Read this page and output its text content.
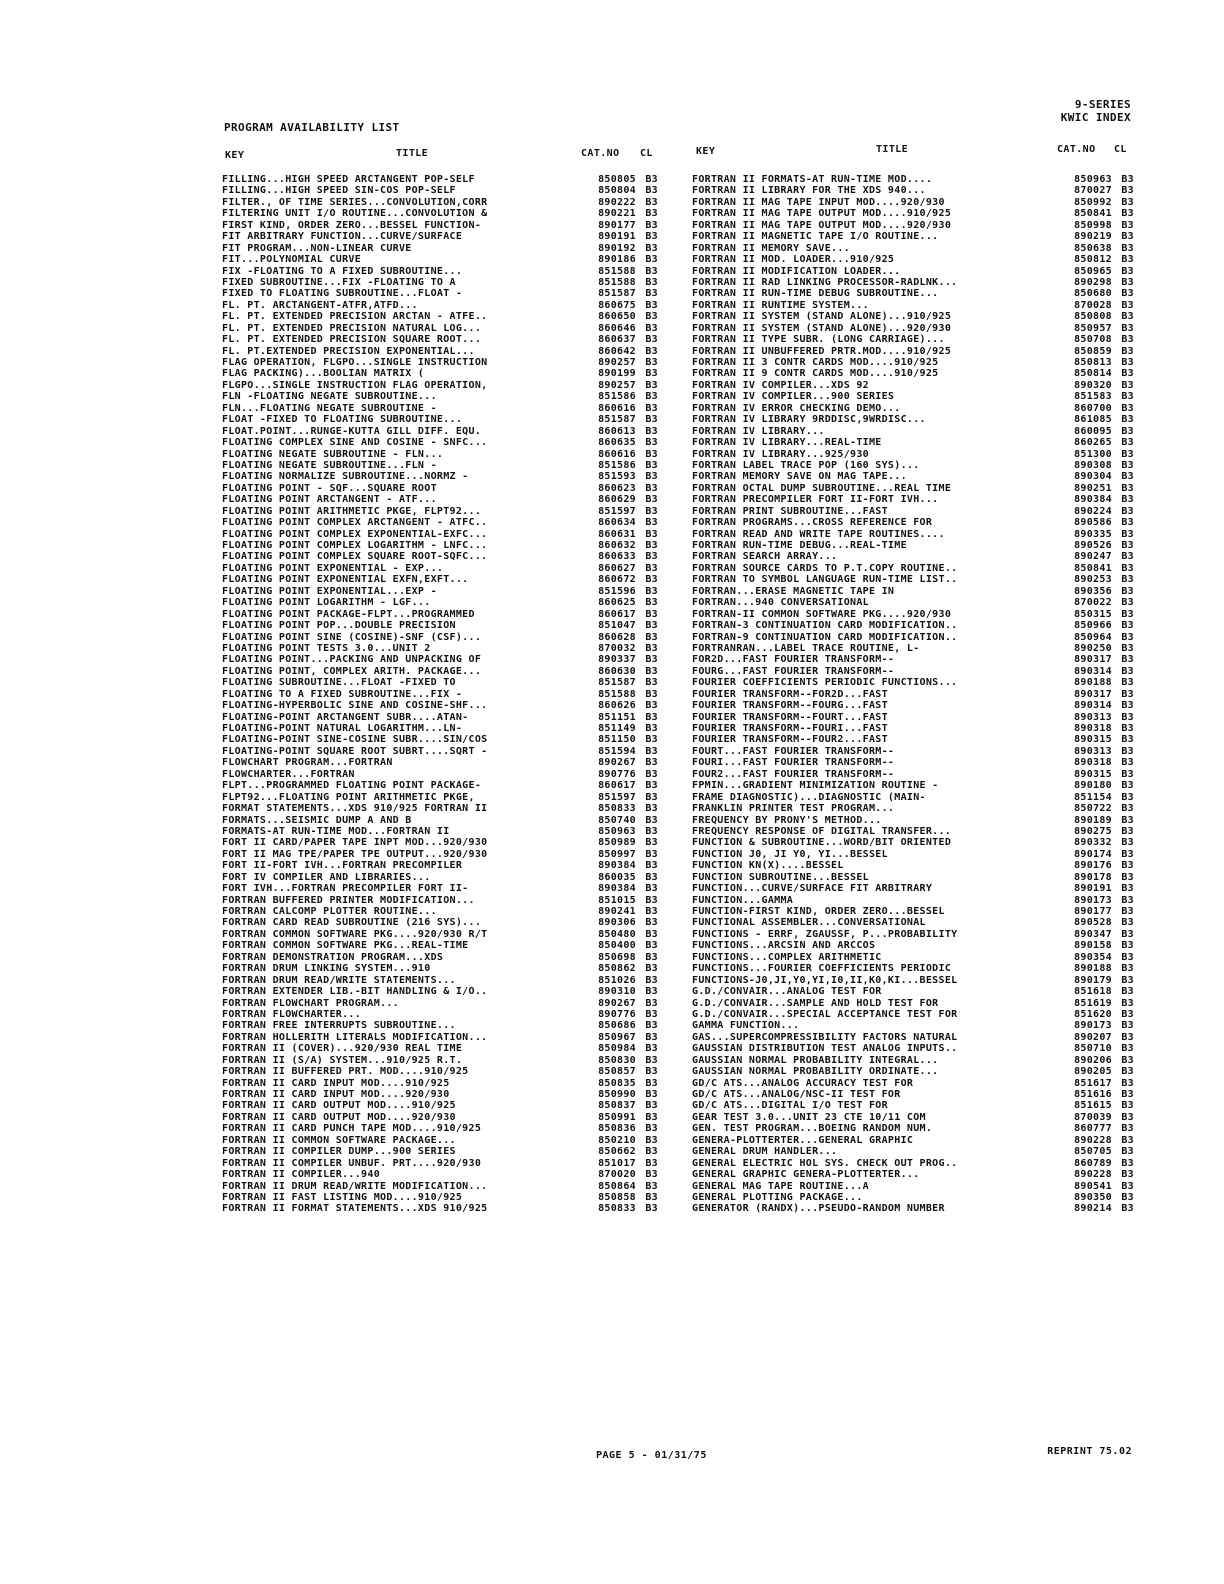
9-SERIES
KWIC INDEX
PROGRAM AVAILABILITY LIST
KEY	TITLE	CAT.NO CL	KEY	TITLE	CAT.NO CL
FILLING...HIGH SPEED ARCTANGENT POP-SELF	850805 B3
FILLING...HIGH SPEED SIN-COS POP-SELF	850804 B3
FILTER., OF TIME SERIES...CONVOLUTION,CORR	890222 B3
FILTERING UNIT I/O ROUTINE...CONVOLUTION &	890221 B3
FIRST KIND, ORDER ZERO...BESSEL FUNCTION-	890177 B3
FIT ARBITRARY FUNCTION...CURVE/SURFACE	890191 B3
FIT PROGRAM...NON-LINEAR CURVE	890192 B3
FIT...POLYNOMIAL CURVE	890186 B3
FIX -FLOATING TO A FIXED SUBROUTINE...	851588 B3
FIXED SUBROUTINE...FIX -FLOATING TO A	851588 B3
FIXED TO FLOATING SUBROUTINE...FLOAT -	851587 B3
FL. PT. ARCTANGENT-ATFR,ATFD...	860675 B3
FL. PT. EXTENDED PRECISION ARCTAN - ATFE..	860650 B3
FL. PT. EXTENDED PRECISION NATURAL LOG...	860646 B3
FL. PT. EXTENDED PRECISION SQUARE ROOT...	860637 B3
FL. PT.EXTENDED PRECISION EXPONENTIAL...	860642 B3
FLAG OPERATION, FLGPO...SINGLE INSTRUCTION	890257 B3
FLAG PACKING)...BOOLIAN MATRIX (	890199 B3
FLGPO...SINGLE INSTRUCTION FLAG OPERATION,	890257 B3
FLN -FLOATING NEGATE SUBROUTINE...	851586 B3
FLN...FLOATING NEGATE SUBROUTINE -	860616 B3
FLOAT -FIXED TO FLOATING SUBROUTINE...	851587 B3
FLOAT.POINT...RUNGE-KUTTA GILL DIFF. EQU.	860613 B3
FLOATING COMPLEX SINE AND COSINE - SNFC...	860635 B3
FLOATING NEGATE SUBROUTINE - FLN...	860616 B3
FLOATING NEGATE SUBROUTINE...FLN -	851586 B3
FLOATING NORMALIZE SUBROUTINE...NORMZ -	851593 B3
FLOATING POINT - SQF...SQUARE ROOT	860623 B3
FLOATING POINT ARCTANGENT - ATF...	860629 B3
FLOATING POINT ARITHMETIC PKGE, FLPT92...	851597 B3
FLOATING POINT COMPLEX ARCTANGENT - ATFC..	860634 B3
FLOATING POINT COMPLEX EXPONENTIAL-EXFC...	860631 B3
FLOATING POINT COMPLEX LOGARITHM - LNFC...	860632 B3
FLOATING POINT COMPLEX SQUARE ROOT-SQFC...	860633 B3
FLOATING POINT EXPONENTIAL - EXP...	860627 B3
FLOATING POINT EXPONENTIAL EXFN,EXFT...	860672 B3
FLOATING POINT EXPONENTIAL...EXP -	851596 B3
FLOATING POINT LOGARITHM - LGF...	860625 B3
FLOATING POINT PACKAGE-FLPT...PROGRAMMED	860617 B3
FLOATING POINT POP...DOUBLE PRECISION	851047 B3
FLOATING POINT SINE (COSINE)-SNF (CSF)...	860628 B3
FLOATING POINT TESTS 3.0...UNIT 2	870032 B3
FLOATING POINT...PACKING AND UNPACKING OF	890337 B3
FLOATING POINT, COMPLEX ARITH. PACKAGE...	860630 B3
FLOATING SUBROUTINE...FLOAT -FIXED TO	851587 B3
FLOATING TO A FIXED SUBROUTINE...FIX -	851588 B3
FLOATING-HYPERBOLIC SINE AND COSINE-SHF...	860626 B3
FLOATING-POINT ARCTANGENT SUBR....ATAN-	851151 B3
FLOATING-POINT NATURAL LOGARITHM...LN-	851149 B3
FLOATING-POINT SINE-COSINE SUBR....SIN/COS	851150 B3
FLOATING-POINT SQUARE ROOT SUBRT....SQRT -	851594 B3
FLOWCHART PROGRAM...FORTRAN	890267 B3
FLOWCHARTER...FORTRAN	890776 B3
FLPT...PROGRAMMED FLOATING POINT PACKAGE-	860617 B3
FLPT92...FLOATING POINT ARITHMETIC PKGE,	851597 B3
FORMAT STATEMENTS...XDS 910/925 FORTRAN II	850833 B3
FORMATS...SEISMIC DUMP A AND B	850740 B3
FORMATS-AT RUN-TIME MOD...FORTRAN II	850963 B3
FORT II CARD/PAPER TAPE INPT MOD...920/930	850989 B3
FORT II MAG TPE/PAPER TPE OUTPUT...920/930	850997 B3
FORT II-FORT IVH...FORTRAN PRECOMPILER	890384 B3
FORT IV COMPILER AND LIBRARIES...	860035 B3
FORT IVH...FORTRAN PRECOMPILER FORT II-	890384 B3
FORTRAN BUFFERED PRINTER MODIFICATION...	851015 B3
FORTRAN CALCOMP PLOTTER ROUTINE...	890241 B3
FORTRAN CARD READ SUBROUTINE (216 SYS)...	890306 B3
FORTRAN COMMON SOFTWARE PKG....920/930 R/T	850480 B3
FORTRAN COMMON SOFTWARE PKG...REAL-TIME	850400 B3
FORTRAN DEMONSTRATION PROGRAM...XDS	850698 B3
FORTRAN DRUM LINKING SYSTEM...910	850862 B3
FORTRAN DRUM READ/WRITE STATEMENTS...	851026 B3
FORTRAN EXTENDER LIB.-BIT HANDLING & I/O..	890310 B3
FORTRAN FLOWCHART PROGRAM...	890267 B3
FORTRAN FLOWCHARTER...	890776 B3
FORTRAN FREE INTERRUPTS SUBROUTINE...	850686 B3
FORTRAN HOLLERITH LITERALS MODIFICATION...	850967 B3
FORTRAN II (COVER)...920/930 REAL TIME	850984 B3
FORTRAN II (S/A) SYSTEM...910/925 R.T.	850830 B3
FORTRAN II BUFFERED PRT. MOD....910/925	850857 B3
FORTRAN II CARD INPUT MOD....910/925	850835 B3
FORTRAN II CARD INPUT MOD....920/930	850990 B3
FORTRAN II CARD OUTPUT MOD....910/925	850837 B3
FORTRAN II CARD OUTPUT MOD....920/930	850991 B3
FORTRAN II CARD PUNCH TAPE MOD....910/925	850836 B3
FORTRAN II COMMON SOFTWARE PACKAGE...	850210 B3
FORTRAN II COMPILER DUMP...900 SERIES	850662 B3
FORTRAN II COMPILER UNBUF. PRT....920/930	851017 B3
FORTRAN II COMPILER...940	870020 B3
FORTRAN II DRUM READ/WRITE MODIFICATION...	850864 B3
FORTRAN II FAST LISTING MOD....910/925	850858 B3
FORTRAN II FORMAT STATEMENTS...XDS 910/925	850833 B3
FORTRAN II FORMATS-AT RUN-TIME MOD....	850963 B3
FORTRAN II LIBRARY FOR THE XDS 940...	870027 B3
FORTRAN II MAG TAPE INPUT MOD....920/930	850992 B3
FORTRAN II MAG TAPE OUTPUT MOD....910/925	850841 B3
FORTRAN II MAG TAPE OUTPUT MOD....920/930	850998 B3
FORTRAN II MAGNETIC TAPE I/O ROUTINE...	890219 B3
FORTRAN II MEMORY SAVE...	850638 B3
FORTRAN II MOD. LOADER...910/925	850812 B3
FORTRAN II MODIFICATION LOADER...	850965 B3
FORTRAN II RAD LINKING PROCESSOR-RADLNK...	890298 B3
FORTRAN II RUN-TIME DEBUG SUBROUTINE...	850680 B3
FORTRAN II RUNTIME SYSTEM...	870028 B3
FORTRAN II SYSTEM (STAND ALONE)...910/925	850808 B3
FORTRAN II SYSTEM (STAND ALONE)...920/930	850957 B3
FORTRAN II TYPE SUBR. (LONG CARRIAGE)...	850708 B3
FORTRAN II UNBUFFERED PRTR.MOD....910/925	850859 B3
FORTRAN II 3 CONTR CARDS MOD....910/925	850813 B3
FORTRAN II 9 CONTR CARDS MOD....910/925	850814 B3
FORTRAN IV COMPILER...XDS 92	890320 B3
FORTRAN IV COMPILER...900 SERIES	851583 B3
FORTRAN IV ERROR CHECKING DEMO...	860700 B3
FORTRAN IV LIBRARY 9RDDISC,9WRDISC...	861085 B3
FORTRAN IV LIBRARY...	860095 B3
FORTRAN IV LIBRARY...REAL-TIME	860265 B3
FORTRAN IV LIBRARY...925/930	851300 B3
FORTRAN LABEL TRACE POP (160 SYS)...	890308 B3
FORTRAN MEMORY SAVE ON MAG TAPE...	890304 B3
FORTRAN OCTAL DUMP SUBROUTINE...REAL TIME	890251 B3
FORTRAN PRECOMPILER FORT II-FORT IVH...	890384 B3
FORTRAN PRINT SUBROUTINE...FAST	890224 B3
FORTRAN PROGRAMS...CROSS REFERENCE FOR	890586 B3
FORTRAN READ AND WRITE TAPE ROUTINES....	890335 B3
FORTRAN RUN-TIME DEBUG...REAL-TIME	890526 B3
FORTRAN SEARCH ARRAY...	890247 B3
FORTRAN SOURCE CARDS TO P.T.COPY ROUTINE..	850841 B3
FORTRAN TO SYMBOL LANGUAGE RUN-TIME LIST..	890253 B3
FORTRAN...ERASE MAGNETIC TAPE IN	890356 B3
FORTRAN...940 CONVERSATIONAL	870022 B3
FORTRAN-II COMMON SOFTWARE PKG....920/930	850315 B3
FORTRAN-3 CONTINUATION CARD MODIFICATION..	850966 B3
FORTRAN-9 CONTINUATION CARD MODIFICATION..	850964 B3
FORTRANRAN...LABEL TRACE ROUTINE, L-	890250 B3
FOR2D...FAST FOURIER TRANSFORM--	890317 B3
FOURG...FAST FOURIER TRANSFORM--	890314 B3
FOURIER COEFFICIENTS PERIODIC FUNCTIONS...	890188 B3
FOURIER TRANSFORM--FOR2D...FAST	890317 B3
FOURIER TRANSFORM--FOURG...FAST	890314 B3
FOURIER TRANSFORM--FOURT...FAST	890313 B3
FOURIER TRANSFORM--FOURI...FAST	890318 B3
FOURIER TRANSFORM--FOUR2...FAST	890315 B3
FOURT...FAST FOURIER TRANSFORM--	890313 B3
FOURI...FAST FOURIER TRANSFORM--	890318 B3
FOUR2...FAST FOURIER TRANSFORM--	890315 B3
FPMIN...GRADIENT MINIMIZATION ROUTINE -	890180 B3
FRAME DIAGNOSTIC)...DIAGNOSTIC (MAIN-	851154 B3
FRANKLIN PRINTER TEST PROGRAM...	850722 B3
FREQUENCY BY PRONY'S METHOD...	890189 B3
FREQUENCY RESPONSE OF DIGITAL TRANSFER...	890275 B3
FUNCTION & SUBROUTINE...WORD/BIT ORIENTED	890332 B3
FUNCTION J0, JI Y0, YI...BESSEL	890174 B3
FUNCTION KN(X)....BESSEL	890176 B3
FUNCTION SUBROUTINE...BESSEL	890178 B3
FUNCTION...CURVE/SURFACE FIT ARBITRARY	890191 B3
FUNCTION...GAMMA	890173 B3
FUNCTION-FIRST KIND, ORDER ZERO...BESSEL	890177 B3
FUNCTIONAL ASSEMBLER...CONVERSATIONAL	890528 B3
FUNCTIONS - ERRF, ZGAUSSF, P...PROBABILITY	890347 B3
FUNCTIONS...ARCSIN AND ARCCOS	890158 B3
FUNCTIONS...COMPLEX ARITHMETIC	890354 B3
FUNCTIONS...FOURIER COEFFICIENTS PERIODIC	890188 B3
FUNCTIONS-J0,JI,Y0,YI,I0,II,K0,KI...BESSEL	890179 B3
G.D./CONVAIR...ANALOG TEST FOR	851618 B3
G.D./CONVAIR...SAMPLE AND HOLD TEST FOR	851619 B3
G.D./CONVAIR...SPECIAL ACCEPTANCE TEST FOR	851620 B3
GAMMA FUNCTION...	890173 B3
GAS...SUPERCOMPRESSIBILITY FACTORS NATURAL	890207 B3
GAUSSIAN DISTRIBUTION TEST ANALOG INPUTS..	850710 B3
GAUSSIAN NORMAL PROBABILITY INTEGRAL...	890206 B3
GAUSSIAN NORMAL PROBABILITY ORDINATE...	890205 B3
GD/C ATS...ANALOG ACCURACY TEST FOR	851617 B3
GD/C ATS...ANALOG/NSC-II TEST FOR	851616 B3
GD/C ATS...DIGITAL I/O TEST FOR	851615 B3
GEAR TEST 3.0...UNIT 23 CTE 10/11 COM	870039 B3
GEN. TEST PROGRAM...BOEING RANDOM NUM.	860777 B3
GENERA-PLOTTERTER...GENERAL GRAPHIC	890228 B3
GENERAL DRUM HANDLER...	850705 B3
GENERAL ELECTRIC HOL SYS. CHECK OUT PROG..	860789 B3
GENERAL GRAPHIC GENERA-PLOTTERTER...	890228 B3
GENERAL MAG TAPE ROUTINE...A	890541 B3
GENERAL PLOTTING PACKAGE...	890350 B3
GENERATOR (RANDX)...PSEUDO-RANDOM NUMBER	890214 B3
PAGE 5 - 01/31/75	REPRINT 75.02
